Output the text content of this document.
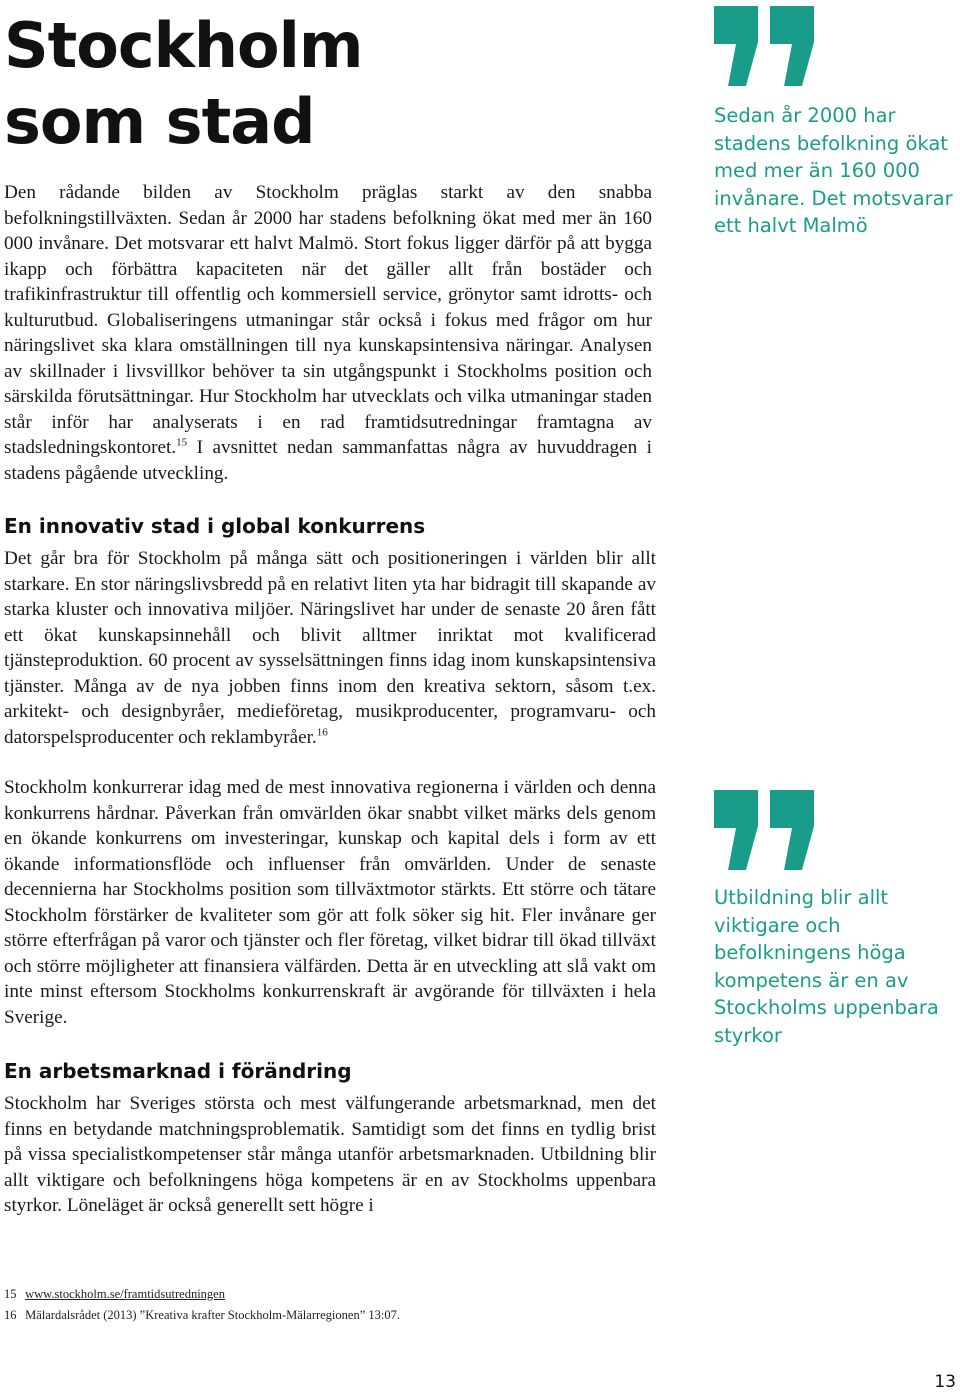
Stockholm
som stad

Den rådande bilden av Stockholm präglas starkt av den snabba befolkningstillväxten. Sedan år 2000 har stadens befolkning ökat med mer än 160 000 invånare. Det motsvarar ett halvt Malmö. Stort fokus ligger därför på att bygga ikapp och förbättra kapaciteten när det gäller allt från bostäder och trafikinfrastruktur till offentlig och kommersiell service, grönytor samt idrotts- och kulturutbud. Globaliseringens utmaningar står också i fokus med frågor om hur näringslivet ska klara omställningen till nya kunskapsintensiva näringar. Analysen av skillnader i livsvillkor behöver ta sin utgångspunkt i Stockholms position och särskilda förutsättningar. Hur Stockholm har utvecklats och vilka utmaningar staden står inför har analyserats i en rad framtidsutredningar framtagna av stadsledningskontoret.$^{15}$ I avsnittet nedan sammanfattas några av huvuddragen i stadens pågående utveckling.

En innovativ stad i global konkurrens

Det går bra för Stockholm på många sätt och positioneringen i världen blir allt starkare. En stor näringslivsbredd på en relativt liten yta har bidragit till skapande av starka kluster och innovativa miljöer. Näringslivet har under de senaste 20 åren fått ett ökat kunskapsinnehåll och blivit alltmer inriktat mot kvalificerad tjänsteproduktion. 60 procent av sysselsättningen finns idag inom kunskapsintensiva tjänster. Många av de nya jobben finns inom den kreativa sektorn, såsom t.ex. arkitekt- och designbyråer, medieföretag, musikproducenter, programvaru- och datorspelsproducenter och reklambyråer.$^{16}$

Stockholm konkurrerar idag med de mest innovativa regionerna i världen och denna konkurrens hårdnar. Påverkan från omvärlden ökar snabbt vilket märks dels genom en ökande konkurrens om investeringar, kunskap och kapital dels i form av ett ökande informationsflöde och influenser från omvärlden. Under de senaste decennierna har Stockholms position som tillväxtmotor stärkts. Ett större och tätare Stockholm förstärker de kvaliteter som gör att folk söker sig hit. Fler invånare ger större efterfrågan på varor och tjänster och fler företag, vilket bidrar till ökad tillväxt och större möjligheter att finansiera välfärden. Detta är en utveckling att slå vakt om inte minst eftersom Stockholms konkurrenskraft är avgörande för tillväxten i hela Sverige.

En arbetsmarknad i förändring

Stockholm har Sveriges största och mest välfungerande arbetsmarknad, men det finns en betydande matchningsproblematik. Samtidigt som det finns en tydlig brist på vissa specialistkompetenser står många utanför arbetsmarknaden. Utbildning blir allt viktigare och befolkningens höga kompetens är en av Stockholms uppenbara styrkor. Löneläget är också generellt sett högre i

Sedan år 2000 har stadens befolkning ökat med mer än 160 000 invånare. Det motsvarar ett halvt Malmö

Utbildning blir allt viktigare och befolkningens höga kompetens är en av Stockholms uppenbara styrkor

15 www.stockholm.se/framtidsutredningen
16 Mälardalsrådet (2013) ”Kreativa krafter Stockholm-Mälarregionen” 13:07.
13
